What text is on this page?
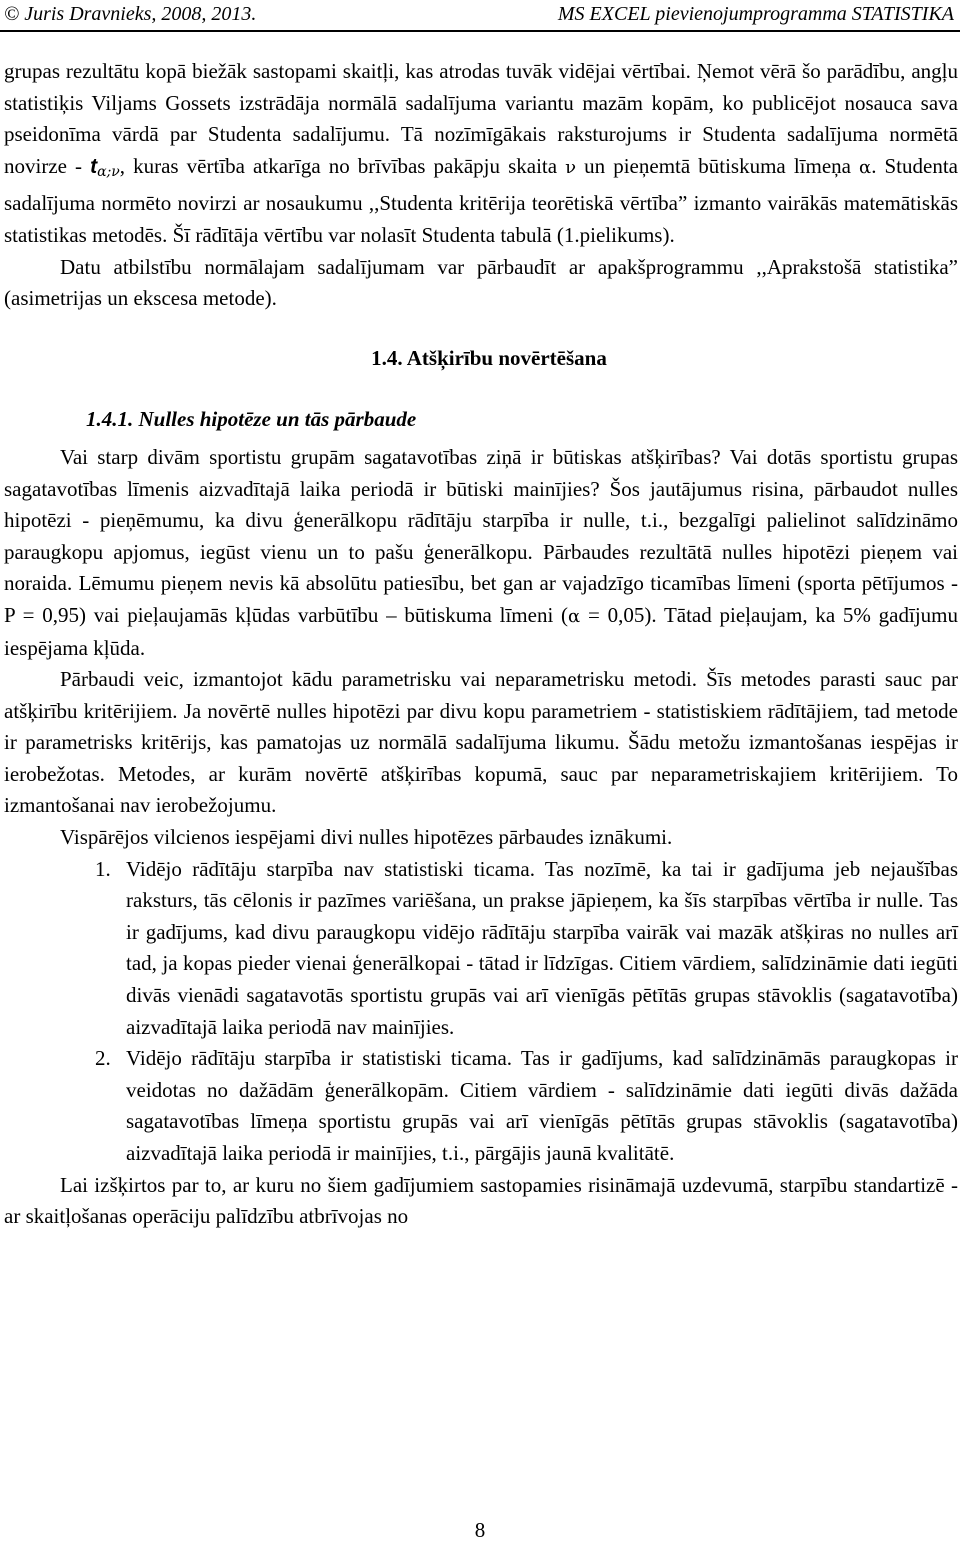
© Juris Dravnieks, 2008, 2013.	MS EXCEL pievienojumprogramma STATISTIKA

grupas rezultātu kopā biežāk sastopami skaitļi, kas atrodas tuvāk vidējai vērtībai. Ņemot vērā šo parādību, angļu statistiķis Viljams Gossets izstrādāja normālā sadalījuma variantu mazām kopām, ko publicējot nosauca sava pseidonīma vārdā par Studenta sadalījumu. Tā nozīmīgākais raksturojums ir Studenta sadalījuma normētā novirze - $t_{\alpha;\nu}$, kuras vērtība atkarīga no brīvības pakāpju skaita ν un pieņemtā būtiskuma līmeņa α. Studenta sadalījuma normēto novirzi ar nosaukumu ,,Studenta kritērija teorētiskā vērtība” izmanto vairākās matemātiskās statistikas metodēs. Šī rādītāja vērtību var nolasīt Studenta tabulā (1.pielikums).

Datu atbilstību normālajam sadalījumam var pārbaudīt ar apakšprogrammu ,,Aprakstošā statistika” (asimetrijas un ekscesa metode).

1.4. Atšķirību novērtēšana
1.4.1. Nulles hipotēze un tās pārbaude

Vai starp divām sportistu grupām sagatavotības ziņā ir būtiskas atšķirības? Vai dotās sportistu grupas sagatavotības līmenis aizvadītajā laika periodā ir būtiski mainījies? Šos jautājumus risina, pārbaudot nulles hipotēzi - pieņēmumu, ka divu ģenerālkopu rādītāju starpība ir nulle, t.i., bezgalīgi palielinot salīdzināmo paraugkopu apjomus, iegūst vienu un to pašu ģenerālkopu. Pārbaudes rezultātā nulles hipotēzi pieņem vai noraida. Lēmumu pieņem nevis kā absolūtu patiesību, bet gan ar vajadzīgo ticamības līmeni (sporta pētījumos - P = 0,95) vai pieļaujamās kļūdas varbūtību – būtiskuma līmeni (α = 0,05). Tātad pieļaujam, ka 5% gadījumu iespējama kļūda.

Pārbaudi veic, izmantojot kādu parametrisku vai neparametrisku metodi. Šīs metodes parasti sauc par atšķirību kritērijiem. Ja novērtē nulles hipotēzi par divu kopu parametriem - statistiskiem rādītājiem, tad metode ir parametrisks kritērijs, kas pamatojas uz normālā sadalījuma likumu. Šādu metožu izmantošanas iespējas ir ierobežotas. Metodes, ar kurām novērtē atšķirības kopumā, sauc par neparametriskajiem kritērijiem. To izmantošanai nav ierobežojumu.

Vispārējos vilcienos iespējami divi nulles hipotēzes pārbaudes iznākumi.

1. Vidējo rādītāju starpība nav statistiski ticama. Tas nozīmē, ka tai ir gadījuma jeb nejaušības raksturs, tās cēlonis ir pazīmes variēšana, un prakse jāpieņem, ka šīs starpības vērtība ir nulle. Tas ir gadījums, kad divu paraugkopu vidējo rādītāju starpība vairāk vai mazāk atšķiras no nulles arī tad, ja kopas pieder vienai ģenerālkopai - tātad ir līdzīgas. Citiem vārdiem, salīdzināmie dati iegūti divās vienādi sagatavotās sportistu grupās vai arī vienīgās pētītās grupas stāvoklis (sagatavotība) aizvadītajā laika periodā nav mainījies.
2. Vidējo rādītāju starpība ir statistiski ticama. Tas ir gadījums, kad salīdzināmās paraugkopas ir veidotas no dažādām ģenerālkopām. Citiem vārdiem - salīdzināmie dati iegūti divās dažāda sagatavotības līmeņa sportistu grupās vai arī vienīgās pētītās grupas stāvoklis (sagatavotība) aizvadītajā laika periodā ir mainījies, t.i., pārgājis jaunā kvalitātē.

Lai izšķirtos par to, ar kuru no šiem gadījumiem sastopamies risināmajā uzdevumā, starpību standartizē - ar skaitļošanas operāciju palīdzību atbrīvojas no

8
